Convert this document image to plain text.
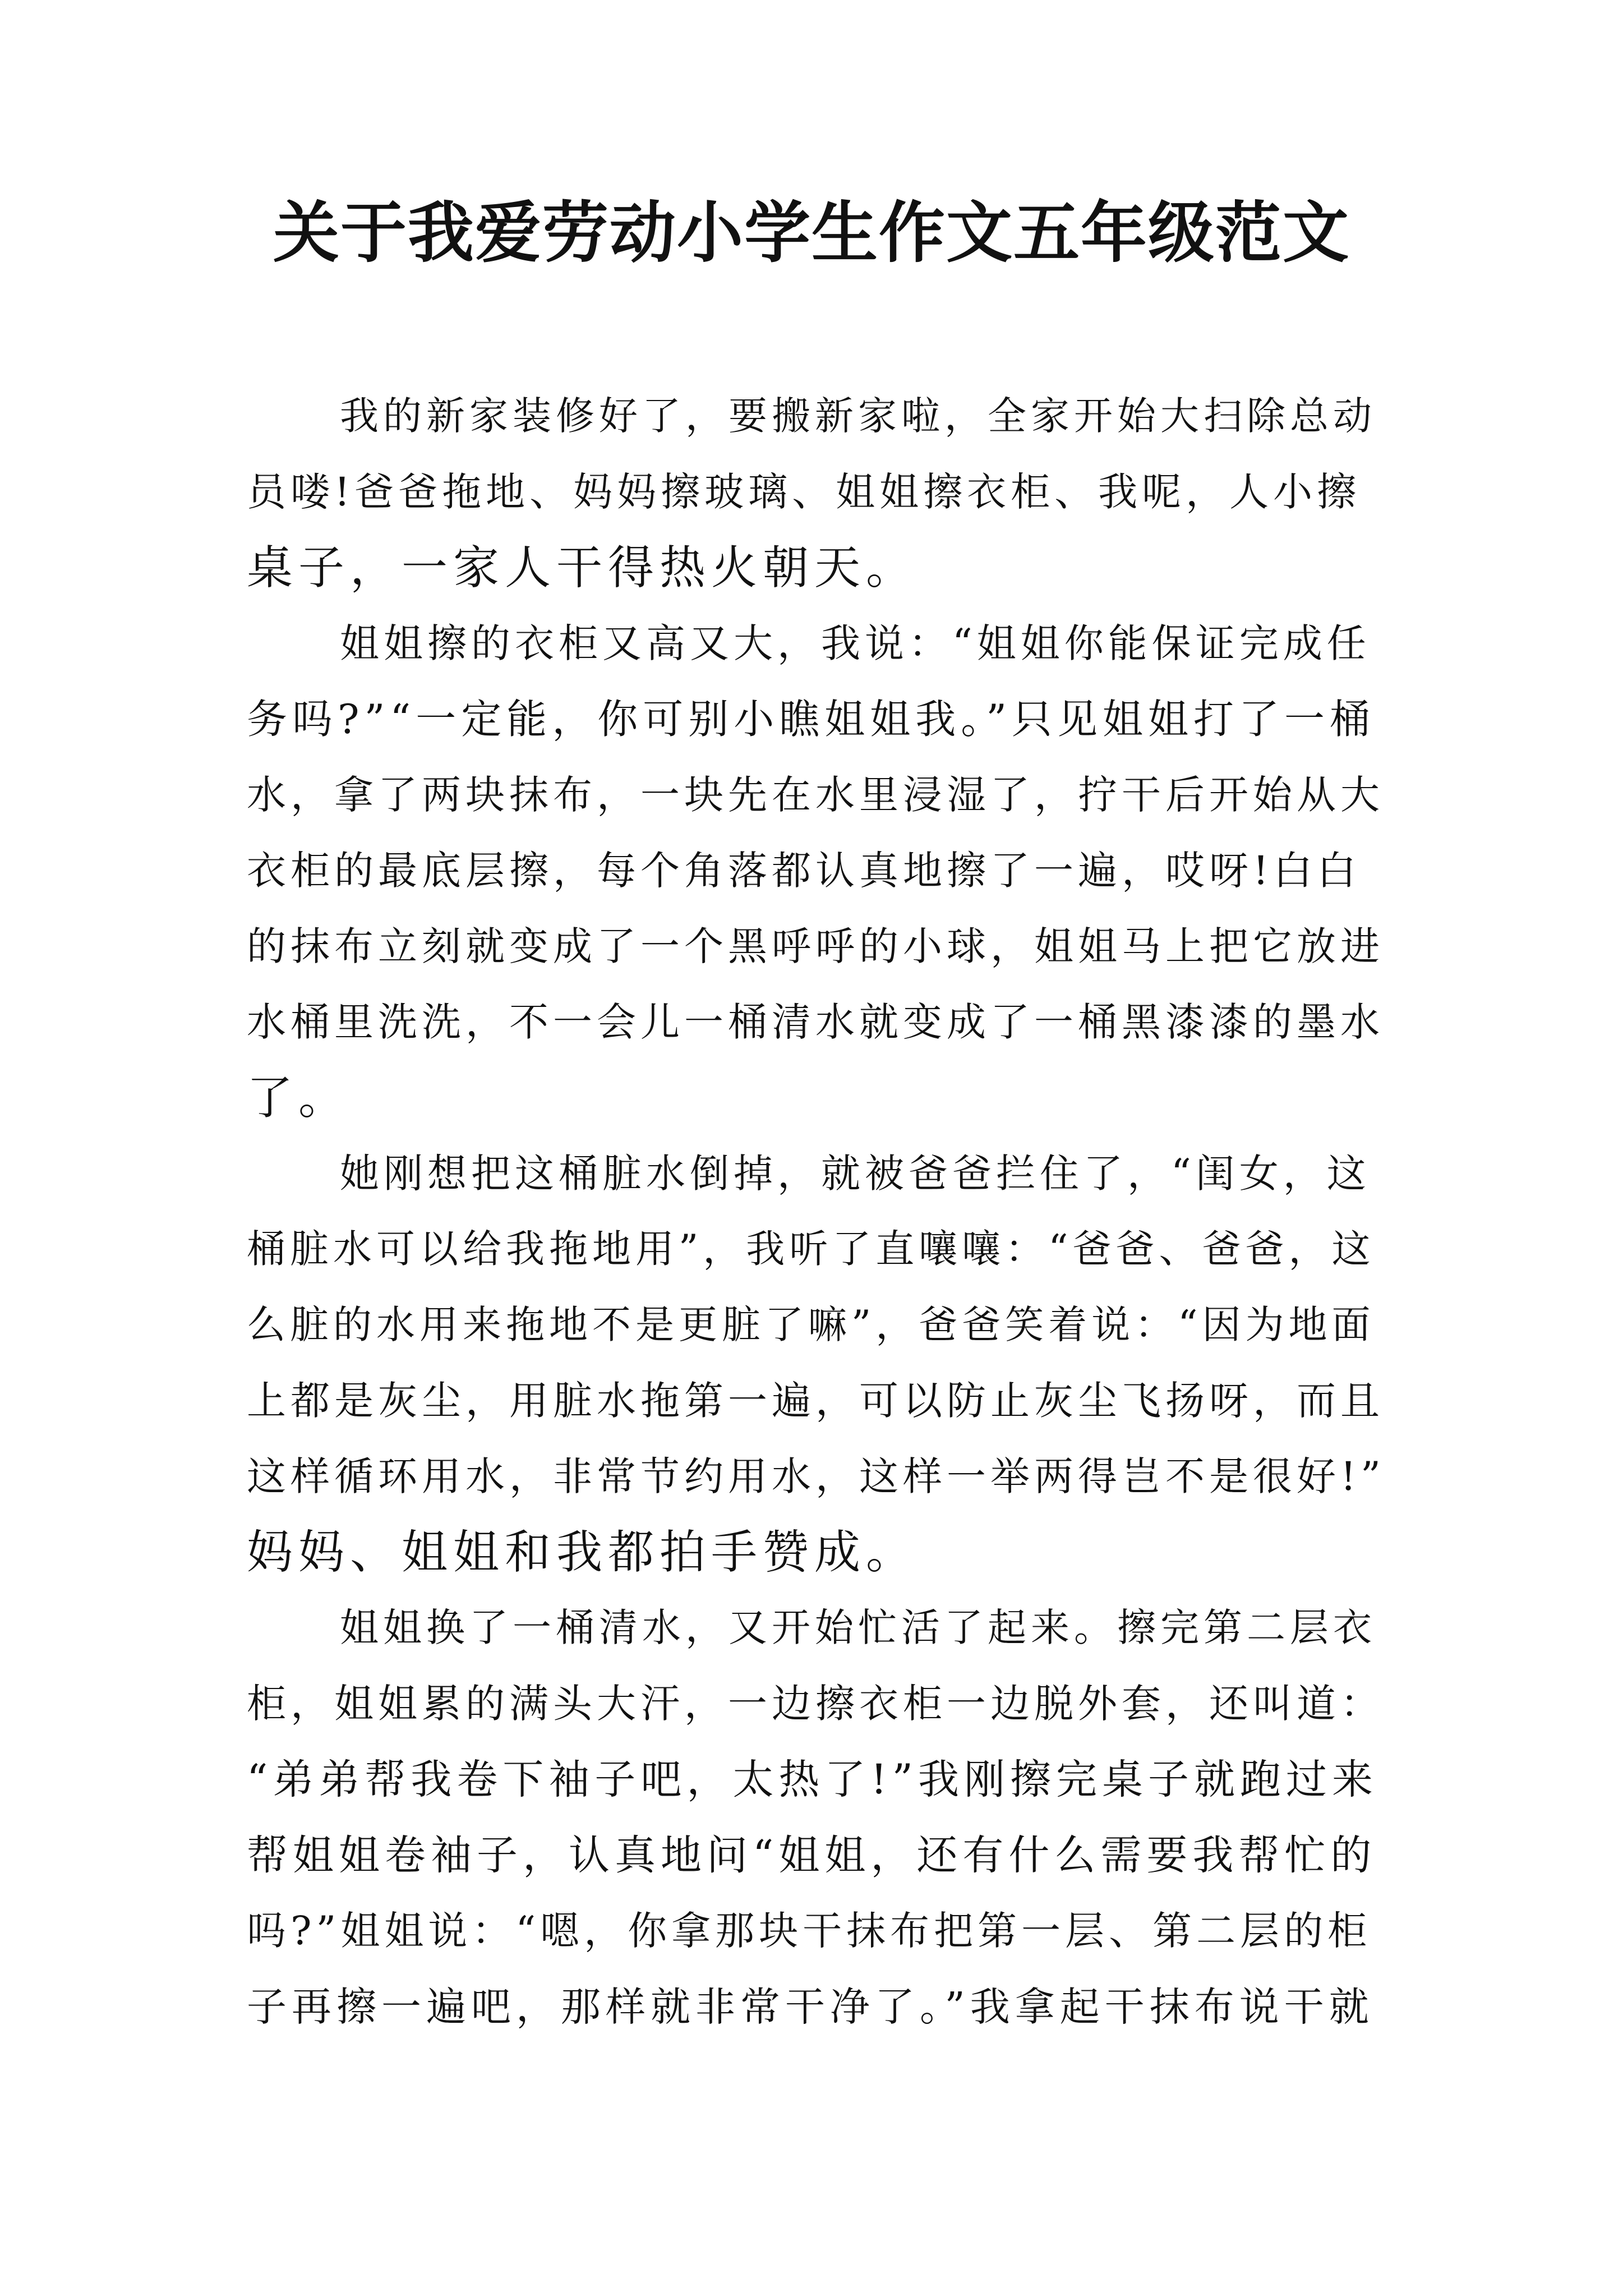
关于我爱劳动小学生作文五年级范文
我的新家装修好了，要搬新家啦，全家开始大扫除总动
员喽!爸爸拖地、妈妈擦玻璃、姐姐擦衣柜、我呢，人小擦
桌子，一家人干得热火朝天。
姐姐擦的衣柜又高又大，我说：“姐姐你能保证完成任
务吗?”“一定能，你可别小瞧姐姐我。”只见姐姐打了一桶
水，拿了两块抹布，一块先在水里浸湿了，拧干后开始从大
衣柜的最底层擦，每个角落都认真地擦了一遍，哎呀!白白
的抹布立刻就变成了一个黑呼呼的小球，姐姐马上把它放进
水桶里洗洗，不一会儿一桶清水就变成了一桶黑漆漆的墨水
了。
她刚想把这桶脏水倒掉，就被爸爸拦住了，“闺女，这
桶脏水可以给我拖地用”，我听了直嚷嚷：“爸爸、爸爸，这
么脏的水用来拖地不是更脏了嘛”，爸爸笑着说：“因为地面
上都是灰尘，用脏水拖第一遍，可以防止灰尘飞扬呀，而且
这样循环用水，非常节约用水，这样一举两得岂不是很好!”
妈妈、姐姐和我都拍手赞成。
姐姐换了一桶清水，又开始忙活了起来。擦完第二层衣
柜，姐姐累的满头大汗，一边擦衣柜一边脱外套，还叫道：
“弟弟帮我卷下袖子吧，太热了!”我刚擦完桌子就跑过来
帮姐姐卷袖子，认真地问“姐姐，还有什么需要我帮忙的
吗?”姐姐说：“嗯，你拿那块干抹布把第一层、第二层的柜
子再擦一遍吧，那样就非常干净了。”我拿起干抹布说干就
